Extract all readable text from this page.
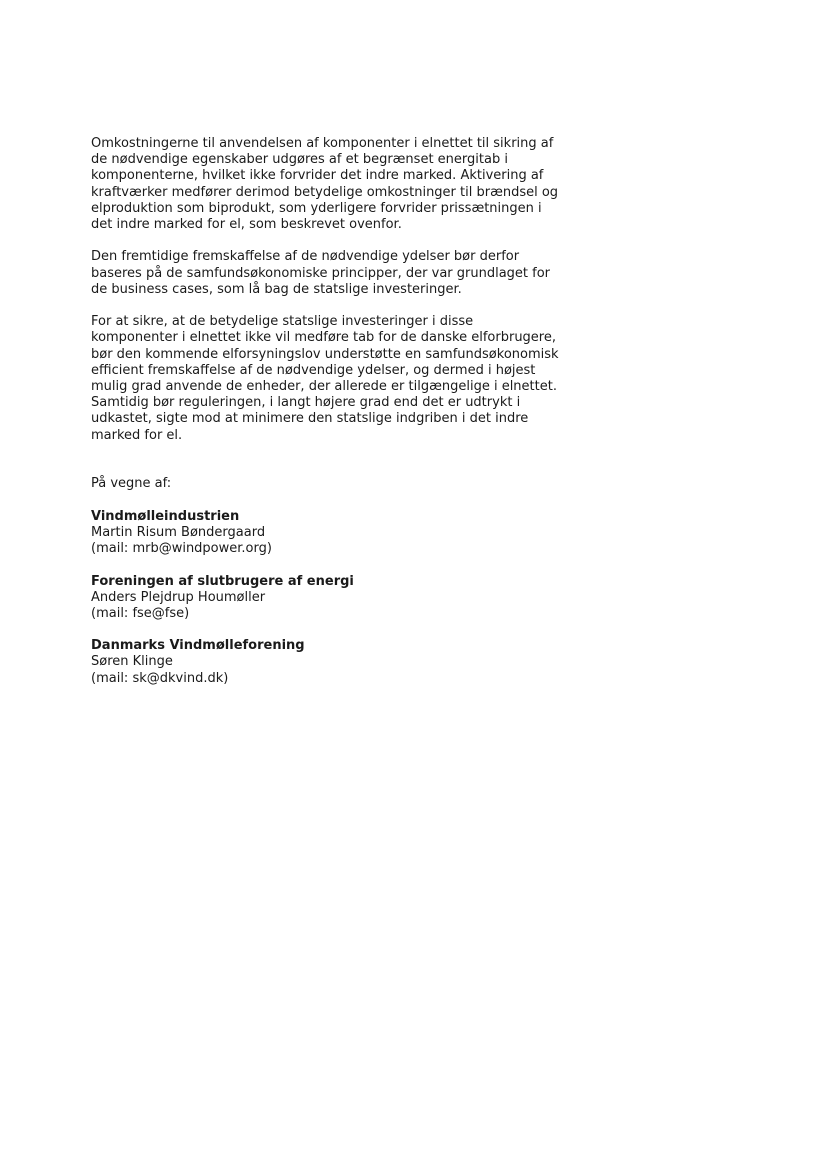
Omkostningerne til anvendelsen af komponenter i elnettet til sikring af
de nødvendige egenskaber udgøres af et begrænset energitab i
komponenterne, hvilket ikke forvrider det indre marked. Aktivering af
kraftværker medfører derimod betydelige omkostninger til brændsel og
elproduktion som biprodukt, som yderligere forvrider prissætningen i
det indre marked for el, som beskrevet ovenfor.

Den fremtidige fremskaffelse af de nødvendige ydelser bør derfor
baseres på de samfundsøkonomiske principper, der var grundlaget for
de business cases, som lå bag de statslige investeringer.

For at sikre, at de betydelige statslige investeringer i disse
komponenter i elnettet ikke vil medføre tab for de danske elforbrugere,
bør den kommende elforsyningslov understøtte en samfundsøkonomisk
efficient fremskaffelse af de nødvendige ydelser, og dermed i højest
mulig grad anvende de enheder, der allerede er tilgængelige i elnettet.
Samtidig bør reguleringen, i langt højere grad end det er udtrykt i
udkastet, sigte mod at minimere den statslige indgriben i det indre
marked for el.

På vegne af:

Vindmølleindustrien
Martin Risum Bøndergaard
(mail: mrb@windpower.org)
Foreningen af slutbrugere af energi
Anders Plejdrup Houmøller
(mail: fse@fse)
Danmarks Vindmølleforening
Søren Klinge
(mail: sk@dkvind.dk)
